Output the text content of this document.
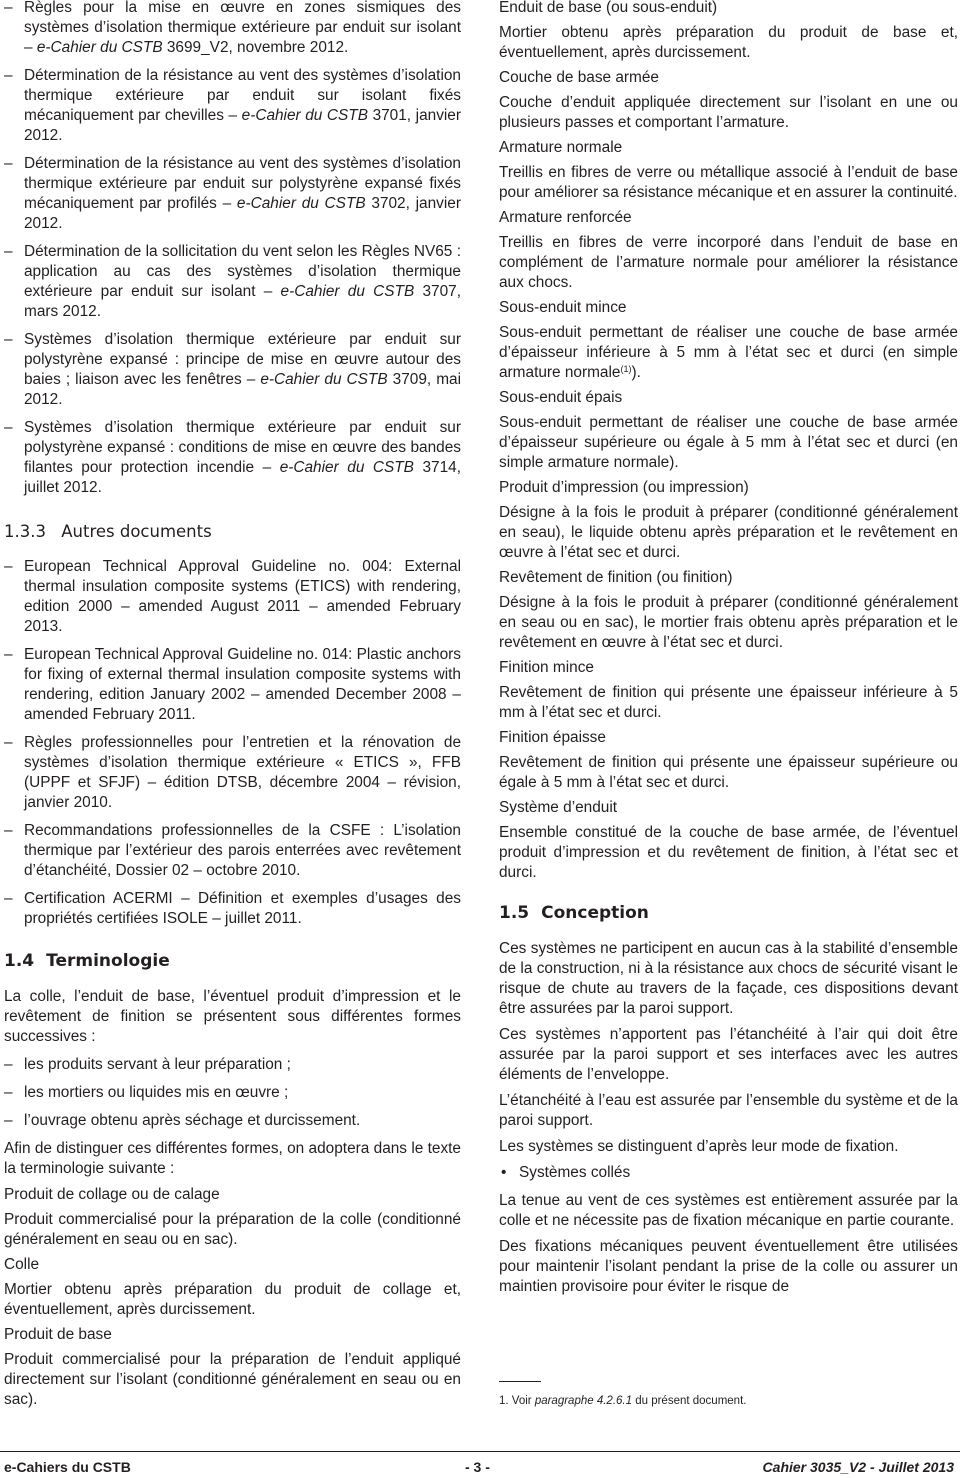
– Règles pour la mise en œuvre en zones sismiques des systèmes d’isolation thermique extérieure par enduit sur isolant – e-Cahier du CSTB 3699_V2, novembre 2012.
– Détermination de la résistance au vent des systèmes d’isolation thermique extérieure par enduit sur isolant fixés mécaniquement par chevilles – e-Cahier du CSTB 3701, janvier 2012.
– Détermination de la résistance au vent des systèmes d’isolation thermique extérieure par enduit sur polystyrène expansé fixés mécaniquement par profilés – e-Cahier du CSTB 3702, janvier 2012.
– Détermination de la sollicitation du vent selon les Règles NV65 : application au cas des systèmes d’isolation thermique extérieure par enduit sur isolant – e-Cahier du CSTB 3707, mars 2012.
– Systèmes d’isolation thermique extérieure par enduit sur polystyrène expansé : principe de mise en œuvre autour des baies ; liaison avec les fenêtres – e-Cahier du CSTB 3709, mai 2012.
– Systèmes d’isolation thermique extérieure par enduit sur polystyrène expansé : conditions de mise en œuvre des bandes filantes pour protection incendie – e-Cahier du CSTB 3714, juillet 2012.
1.3.3 Autres documents
– European Technical Approval Guideline no. 004: External thermal insulation composite systems (ETICS) with rendering, edition 2000 – amended August 2011 – amended February 2013.
– European Technical Approval Guideline no. 014: Plastic anchors for fixing of external thermal insulation composite systems with rendering, edition January 2002 – amended December 2008 – amended February 2011.
– Règles professionnelles pour l’entretien et la rénovation de systèmes d’isolation thermique extérieure « ETICS », FFB (UPPF et SFJF) – édition DTSB, décembre 2004 – révision, janvier 2010.
– Recommandations professionnelles de la CSFE : L’isolation thermique par l’extérieur des parois enterrées avec revêtement d’étanchéité, Dossier 02 – octobre 2010.
– Certification ACERMI – Définition et exemples d’usages des propriétés certifiées ISOLE – juillet 2011.
1.4 Terminologie

La colle, l’enduit de base, l’éventuel produit d’impression et le revêtement de finition se présentent sous différentes formes successives :

– les produits servant à leur préparation ;
– les mortiers ou liquides mis en œuvre ;
– l’ouvrage obtenu après séchage et durcissement.

Afin de distinguer ces différentes formes, on adoptera dans le texte la terminologie suivante :

Produit de collage ou de calage

Produit commercialisé pour la préparation de la colle (conditionné généralement en seau ou en sac).

Colle

Mortier obtenu après préparation du produit de collage et, éventuellement, après durcissement.

Produit de base

Produit commercialisé pour la préparation de l’enduit appliqué directement sur l’isolant (conditionné généralement en seau ou en sac).

Enduit de base (ou sous-enduit)

Mortier obtenu après préparation du produit de base et, éventuellement, après durcissement.

Couche de base armée

Couche d’enduit appliquée directement sur l’isolant en une ou plusieurs passes et comportant l’armature.

Armature normale

Treillis en fibres de verre ou métallique associé à l’enduit de base pour améliorer sa résistance mécanique et en assurer la continuité.

Armature renforcée

Treillis en fibres de verre incorporé dans l’enduit de base en complément de l’armature normale pour améliorer la résistance aux chocs.

Sous-enduit mince

Sous-enduit permettant de réaliser une couche de base armée d’épaisseur inférieure à 5 mm à l’état sec et durci (en simple armature normale$^{(1)}$).

Sous-enduit épais

Sous-enduit permettant de réaliser une couche de base armée d’épaisseur supérieure ou égale à 5 mm à l’état sec et durci (en simple armature normale).

Produit d’impression (ou impression)

Désigne à la fois le produit à préparer (conditionné généralement en seau), le liquide obtenu après préparation et le revêtement en œuvre à l’état sec et durci.

Revêtement de finition (ou finition)

Désigne à la fois le produit à préparer (conditionné généralement en seau ou en sac), le mortier frais obtenu après préparation et le revêtement en œuvre à l’état sec et durci.

Finition mince

Revêtement de finition qui présente une épaisseur inférieure à 5 mm à l’état sec et durci.

Finition épaisse

Revêtement de finition qui présente une épaisseur supérieure ou égale à 5 mm à l’état sec et durci.

Système d’enduit

Ensemble constitué de la couche de base armée, de l’éventuel produit d’impression et du revêtement de finition, à l’état sec et durci.

1.5 Conception

Ces systèmes ne participent en aucun cas à la stabilité d’ensemble de la construction, ni à la résistance aux chocs de sécurité visant le risque de chute au travers de la façade, ces dispositions devant être assurées par la paroi support.

Ces systèmes n’apportent pas l’étanchéité à l’air qui doit être assurée par la paroi support et ses interfaces avec les autres éléments de l’enveloppe.

L’étanchéité à l’eau est assurée par l’ensemble du système et de la paroi support.

Les systèmes se distinguent d’après leur mode de fixation.

• Systèmes collés

La tenue au vent de ces systèmes est entièrement assurée par la colle et ne nécessite pas de fixation mécanique en partie courante.

Des fixations mécaniques peuvent éventuellement être utilisées pour maintenir l’isolant pendant la prise de la colle ou assurer un maintien provisoire pour éviter le risque de

1. Voir paragraphe 4.2.6.1 du présent document.
e-Cahiers du CSTB	- 3 -	Cahier 3035_V2 - Juillet 2013
